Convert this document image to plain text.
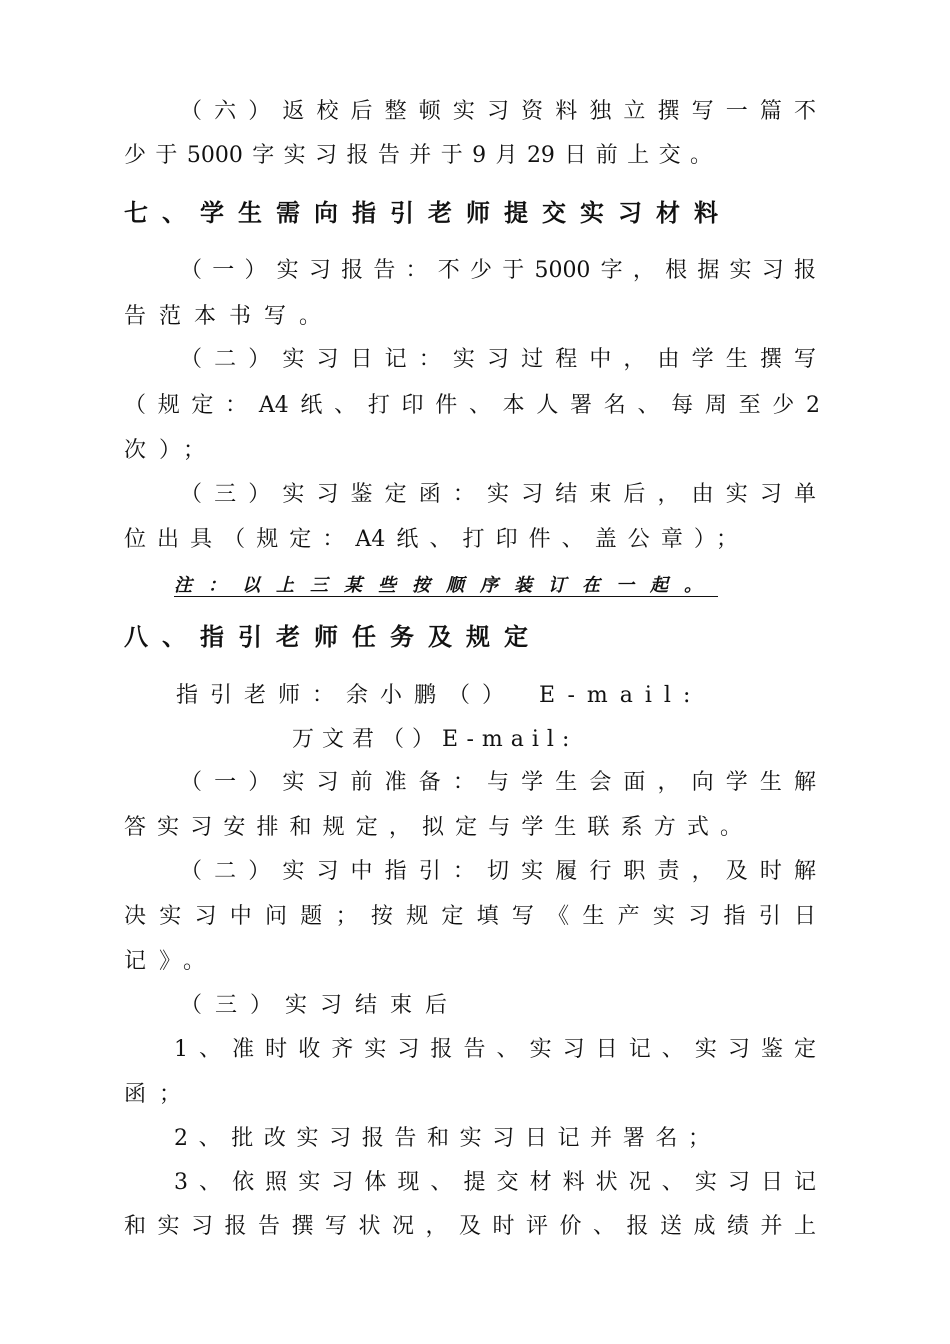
（六）返校后整顿实习资料独立撰写一篇不
少于5000字实习报告并于9月29日前上交。
七、学生需向指引老师提交实习材料
（一）实习报告：不少于5000字，根据实习报
告范本书写。
（二）实习日记：实习过程中，由学生撰写
（规定：A4纸、打印件、本人署名、每周至少2
次）；
（三）实习鉴定函：实习结束后，由实习单
位出具（规定：A4纸、打印件、盖公章）；
注：以上三某些按顺序装订在一起。
八、指引老师任务及规定
指引老师：余小鹏（）　E-mail:
万文君（）E-mail:
（一）实习前准备：与学生会面，向学生解
答实习安排和规定，拟定与学生联系方式。
（二）实习中指引：切实履行职责，及时解
决实习中问题；按规定填写《生产实习指引日
记》。
（三）实习结束后
1、准时收齐实习报告、实习日记、实习鉴定
函；
2、批改实习报告和实习日记并署名；
3、依照实习体现、提交材料状况、实习日记
和实习报告撰写状况，及时评价、报送成绩并上
